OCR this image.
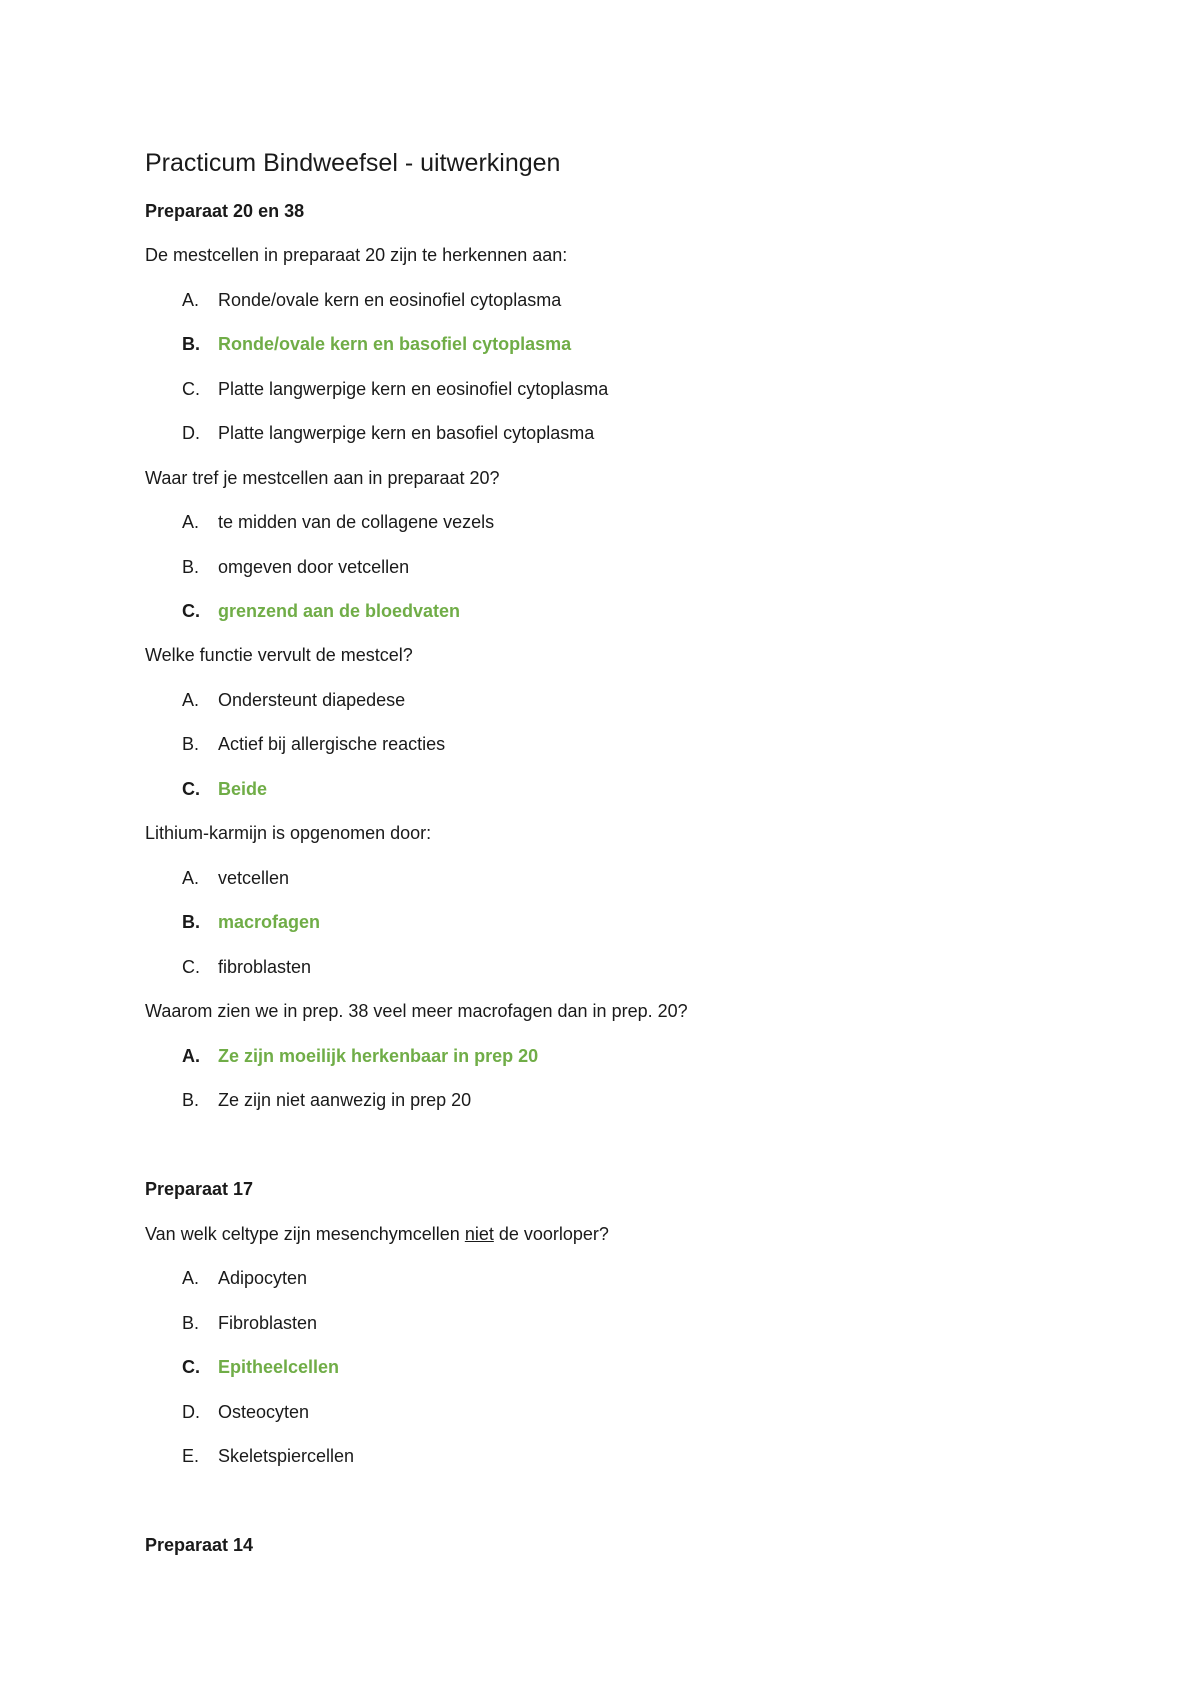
Practicum Bindweefsel - uitwerkingen
Preparaat 20 en 38
De mestcellen in preparaat 20 zijn te herkennen aan:
A. Ronde/ovale kern en eosinofiel cytoplasma
B. Ronde/ovale kern en basofiel cytoplasma
C. Platte langwerpige kern en eosinofiel cytoplasma
D. Platte langwerpige kern en basofiel cytoplasma
Waar tref je mestcellen aan in preparaat 20?
A. te midden van de collagene vezels
B. omgeven door vetcellen
C. grenzend aan de bloedvaten
Welke functie vervult de mestcel?
A. Ondersteunt diapedese
B. Actief bij allergische reacties
C. Beide
Lithium-karmijn is opgenomen door:
A. vetcellen
B. macrofagen
C. fibroblasten
Waarom zien we in prep. 38 veel meer macrofagen dan in prep. 20?
A. Ze zijn moeilijk herkenbaar in prep 20
B. Ze zijn niet aanwezig in prep 20
Preparaat 17
Van welk celtype zijn mesenchymcellen niet de voorloper?
A. Adipocyten
B. Fibroblasten
C. Epitheelcellen
D. Osteocyten
E. Skeletspiercellen
Preparaat 14
